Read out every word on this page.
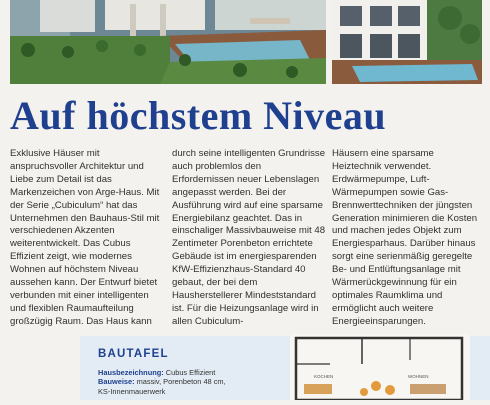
Auf höchstem Niveau

Exklusive Häuser mit anspruchsvoller Architektur und Liebe zum Detail ist das Markenzeichen von Arge-Haus. Mit der Serie „Cubiculum“ hat das Unternehmen den Bauhaus-Stil mit verschiedenen Akzenten weiterentwickelt. Das Cubus Effizient zeigt, wie modernes Wohnen auf höchstem Niveau aussehen kann. Der Entwurf bietet verbunden mit einer intelligenten und flexiblen Raumaufteilung großzügig Raum. Das Haus kann

durch seine intelligenten Grundrisse auch problemlos den Erfordernissen neuer Lebenslagen angepasst werden. Bei der Ausführung wird auf eine sparsame Energiebilanz geachtet. Das in einschaliger Massivbauweise mit 48 Zentimeter Porenbeton errichtete Gebäude ist im energiesparenden KfW-Effizienzhaus-Standard 40 gebaut, der bei dem Hausherstellerer Mindeststandard ist. Für die Heizungsanlage wird in allen Cubiculum-

Häusern eine sparsame Heiztechnik verwendet. Erdwärmepumpe, Luft-Wärmepumpen sowie Gas-Brennwerttechniken der jüngsten Generation minimieren die Kosten und machen jedes Objekt zum Energiesparhaus. Darüber hinaus sorgt eine serienmäßig geregelte Be- und Entlüftungsanlage mit Wärmerückgewinnung für ein optimales Raumklima und ermöglicht auch weitere Energieeinsparungen.

BAUTAFEL
Hausbezeichnung: Cubus Effizient
Bauweise: massiv, Porenbeton 48 cm,
KS-Innenmauerwerk
KOCHEN	WOHNEN
